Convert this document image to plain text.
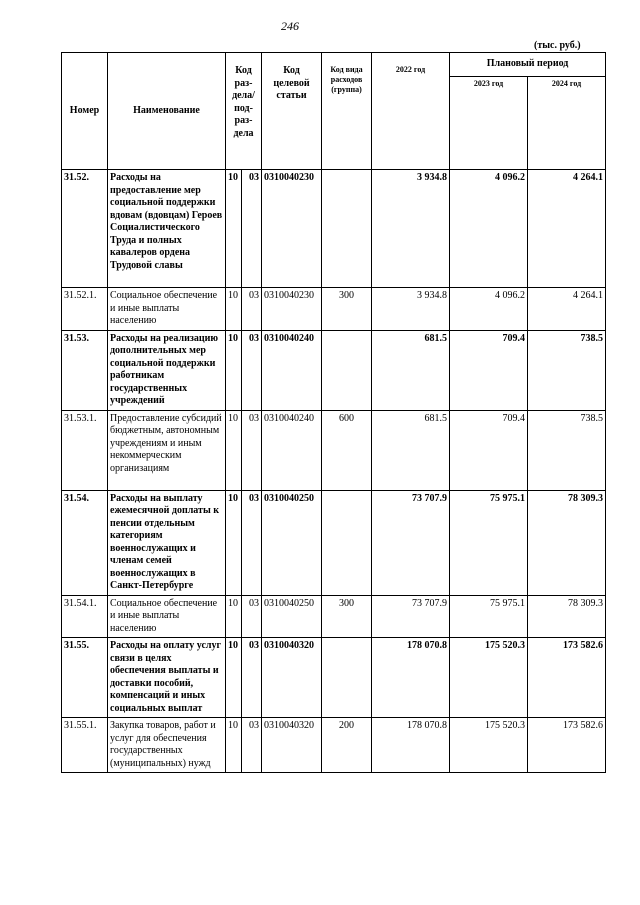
246
(тыс. руб.)
Номер	Наименование	Код раз-дела/ под-раз-дела		Код целевой статьи	Код вида расходов (группа)	2022 год	Плановый период	
							2023 год	2024 год
31.52.	Расходы на предоставление мер социальной поддержки вдовам (вдовцам) Героев Социалистического Труда и полных кавалеров ордена Трудовой славы	10	03	0310040230		3 934.8	4 096.2	4 264.1
31.52.1.	Социальное обеспечение и иные выплаты населению	10	03	0310040230	300	3 934.8	4 096.2	4 264.1
31.53.	Расходы на реализацию дополнительных мер социальной поддержки работникам государственных учреждений	10	03	0310040240		681.5	709.4	738.5
31.53.1.	Предоставление субсидий бюджетным, автономным учреждениям и иным некоммерческим организациям	10	03	0310040240	600	681.5	709.4	738.5
31.54.	Расходы на выплату ежемесячной доплаты к пенсии отдельным категориям военнослужащих и членам семей военнослужащих в Санкт-Петербурге	10	03	0310040250		73 707.9	75 975.1	78 309.3
31.54.1.	Социальное обеспечение и иные выплаты населению	10	03	0310040250	300	73 707.9	75 975.1	78 309.3
31.55.	Расходы на оплату услуг связи в целях обеспечения выплаты и доставки пособий, компенсаций и иных социальных выплат	10	03	0310040320		178 070.8	175 520.3	173 582.6
31.55.1.	Закупка товаров, работ и услуг для обеспечения государственных (муниципальных) нужд	10	03	0310040320	200	178 070.8	175 520.3	173 582.6
